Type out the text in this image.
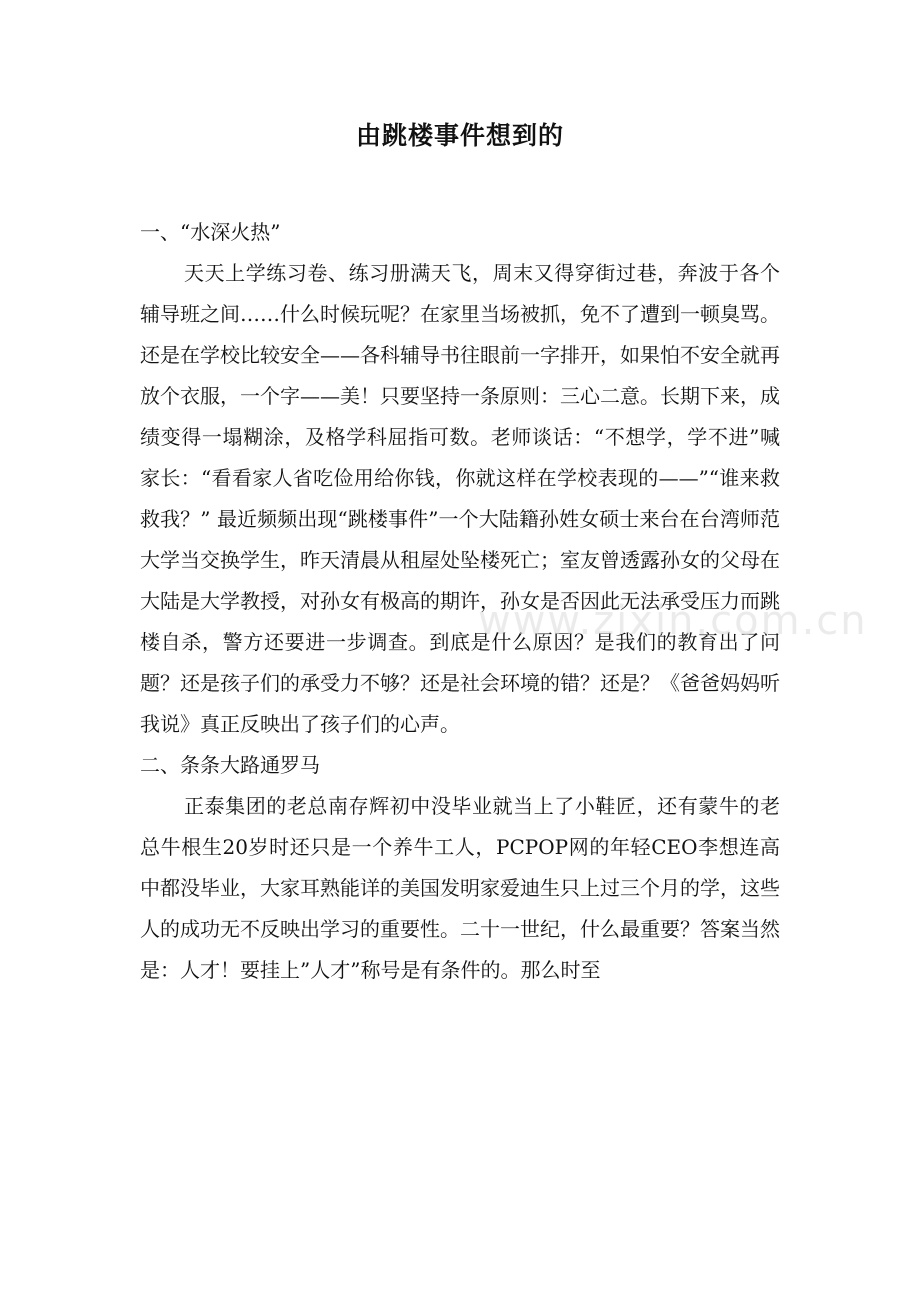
由跳楼事件想到的

一、“水深火热”

天天上学练习卷、练习册满天飞，周末又得穿街过巷，奔波于各个辅导班之间……什么时候玩呢？在家里当场被抓，免不了遭到一顿臭骂。还是在学校比较安全——各科辅导书往眼前一字排开，如果怕不安全就再放个衣服，一个字——美！只要坚持一条原则：三心二意。长期下来，成绩变得一塌糊涂，及格学科屈指可数。老师谈话：“不想学，学不进”喊家长：“看看家人省吃俭用给你钱，你就这样在学校表现的——”“谁来救救我？” 最近频频出现“跳楼事件”一个大陆籍孙姓女硕士来台在台湾师范大学当交换学生，昨天清晨从租屋处坠楼死亡；室友曾透露孙女的父母在大陆是大学教授，对孙女有极高的期许，孙女是否因此无法承受压力而跳楼自杀，警方还要进一步调查。到底是什么原因？是我们的教育出了问题？还是孩子们的承受力不够？还是社会环境的错？还是？《爸爸妈妈听我说》真正反映出了孩子们的心声。

二、条条大路通罗马

正泰集团的老总南存辉初中没毕业就当上了小鞋匠，还有蒙牛的老总牛根生20岁时还只是一个养牛工人，PCPOP网的年轻CEO李想连高中都没毕业，大家耳熟能详的美国发明家爱迪生只上过三个月的学，这些人的成功无不反映出学习的重要性。二十一世纪，什么最重要？答案当然是：人才！要挂上”人才”称号是有条件的。那么时至

www.zixin.com.cn
